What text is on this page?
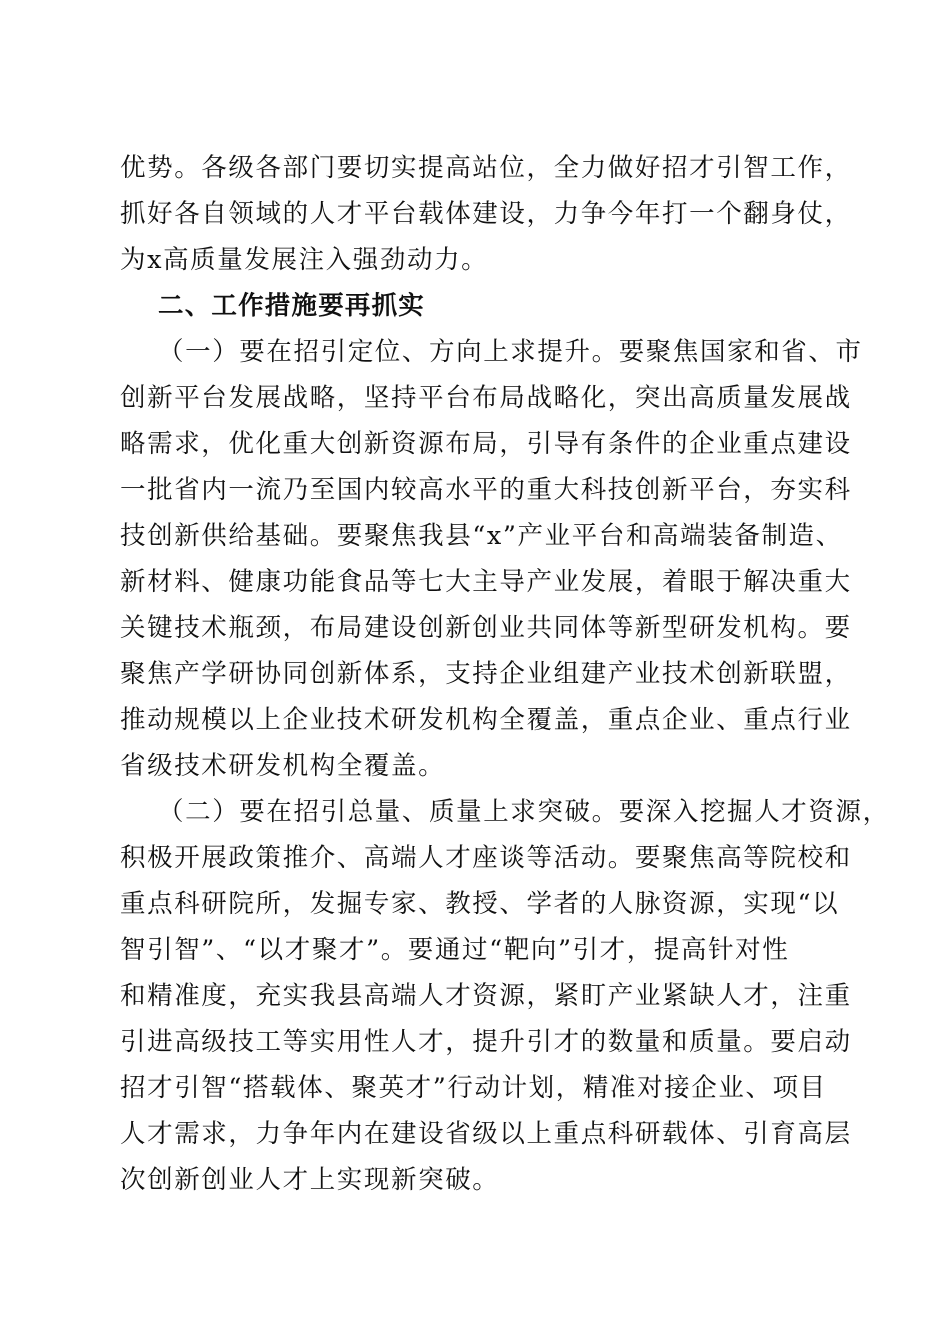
优势。各级各部门要切实提高站位，全力做好招才引智工作，
抓好各自领域的人才平台载体建设，力争今年打一个翻身仗，
为x高质量发展注入强劲动力。
二、工作措施要再抓实
（一）要在招引定位、方向上求提升。要聚焦国家和省、市
创新平台发展战略，坚持平台布局战略化，突出高质量发展战
略需求，优化重大创新资源布局，引导有条件的企业重点建设
一批省内一流乃至国内较高水平的重大科技创新平台，夯实科
技创新供给基础。要聚焦我县“x”产业平台和高端装备制造、
新材料、健康功能食品等七大主导产业发展，着眼于解决重大
关键技术瓶颈，布局建设创新创业共同体等新型研发机构。要
聚焦产学研协同创新体系，支持企业组建产业技术创新联盟，
推动规模以上企业技术研发机构全覆盖，重点企业、重点行业
省级技术研发机构全覆盖。
（二）要在招引总量、质量上求突破。要深入挖掘人才资源，
积极开展政策推介、高端人才座谈等活动。要聚焦高等院校和
重点科研院所，发掘专家、教授、学者的人脉资源，实现“以
智引智”、“以才聚才”。要通过“靶向”引才，提高针对性
和精准度，充实我县高端人才资源，紧盯产业紧缺人才，注重
引进高级技工等实用性人才，提升引才的数量和质量。要启动
招才引智“搭载体、聚英才”行动计划，精准对接企业、项目
人才需求，力争年内在建设省级以上重点科研载体、引育高层
次创新创业人才上实现新突破。
